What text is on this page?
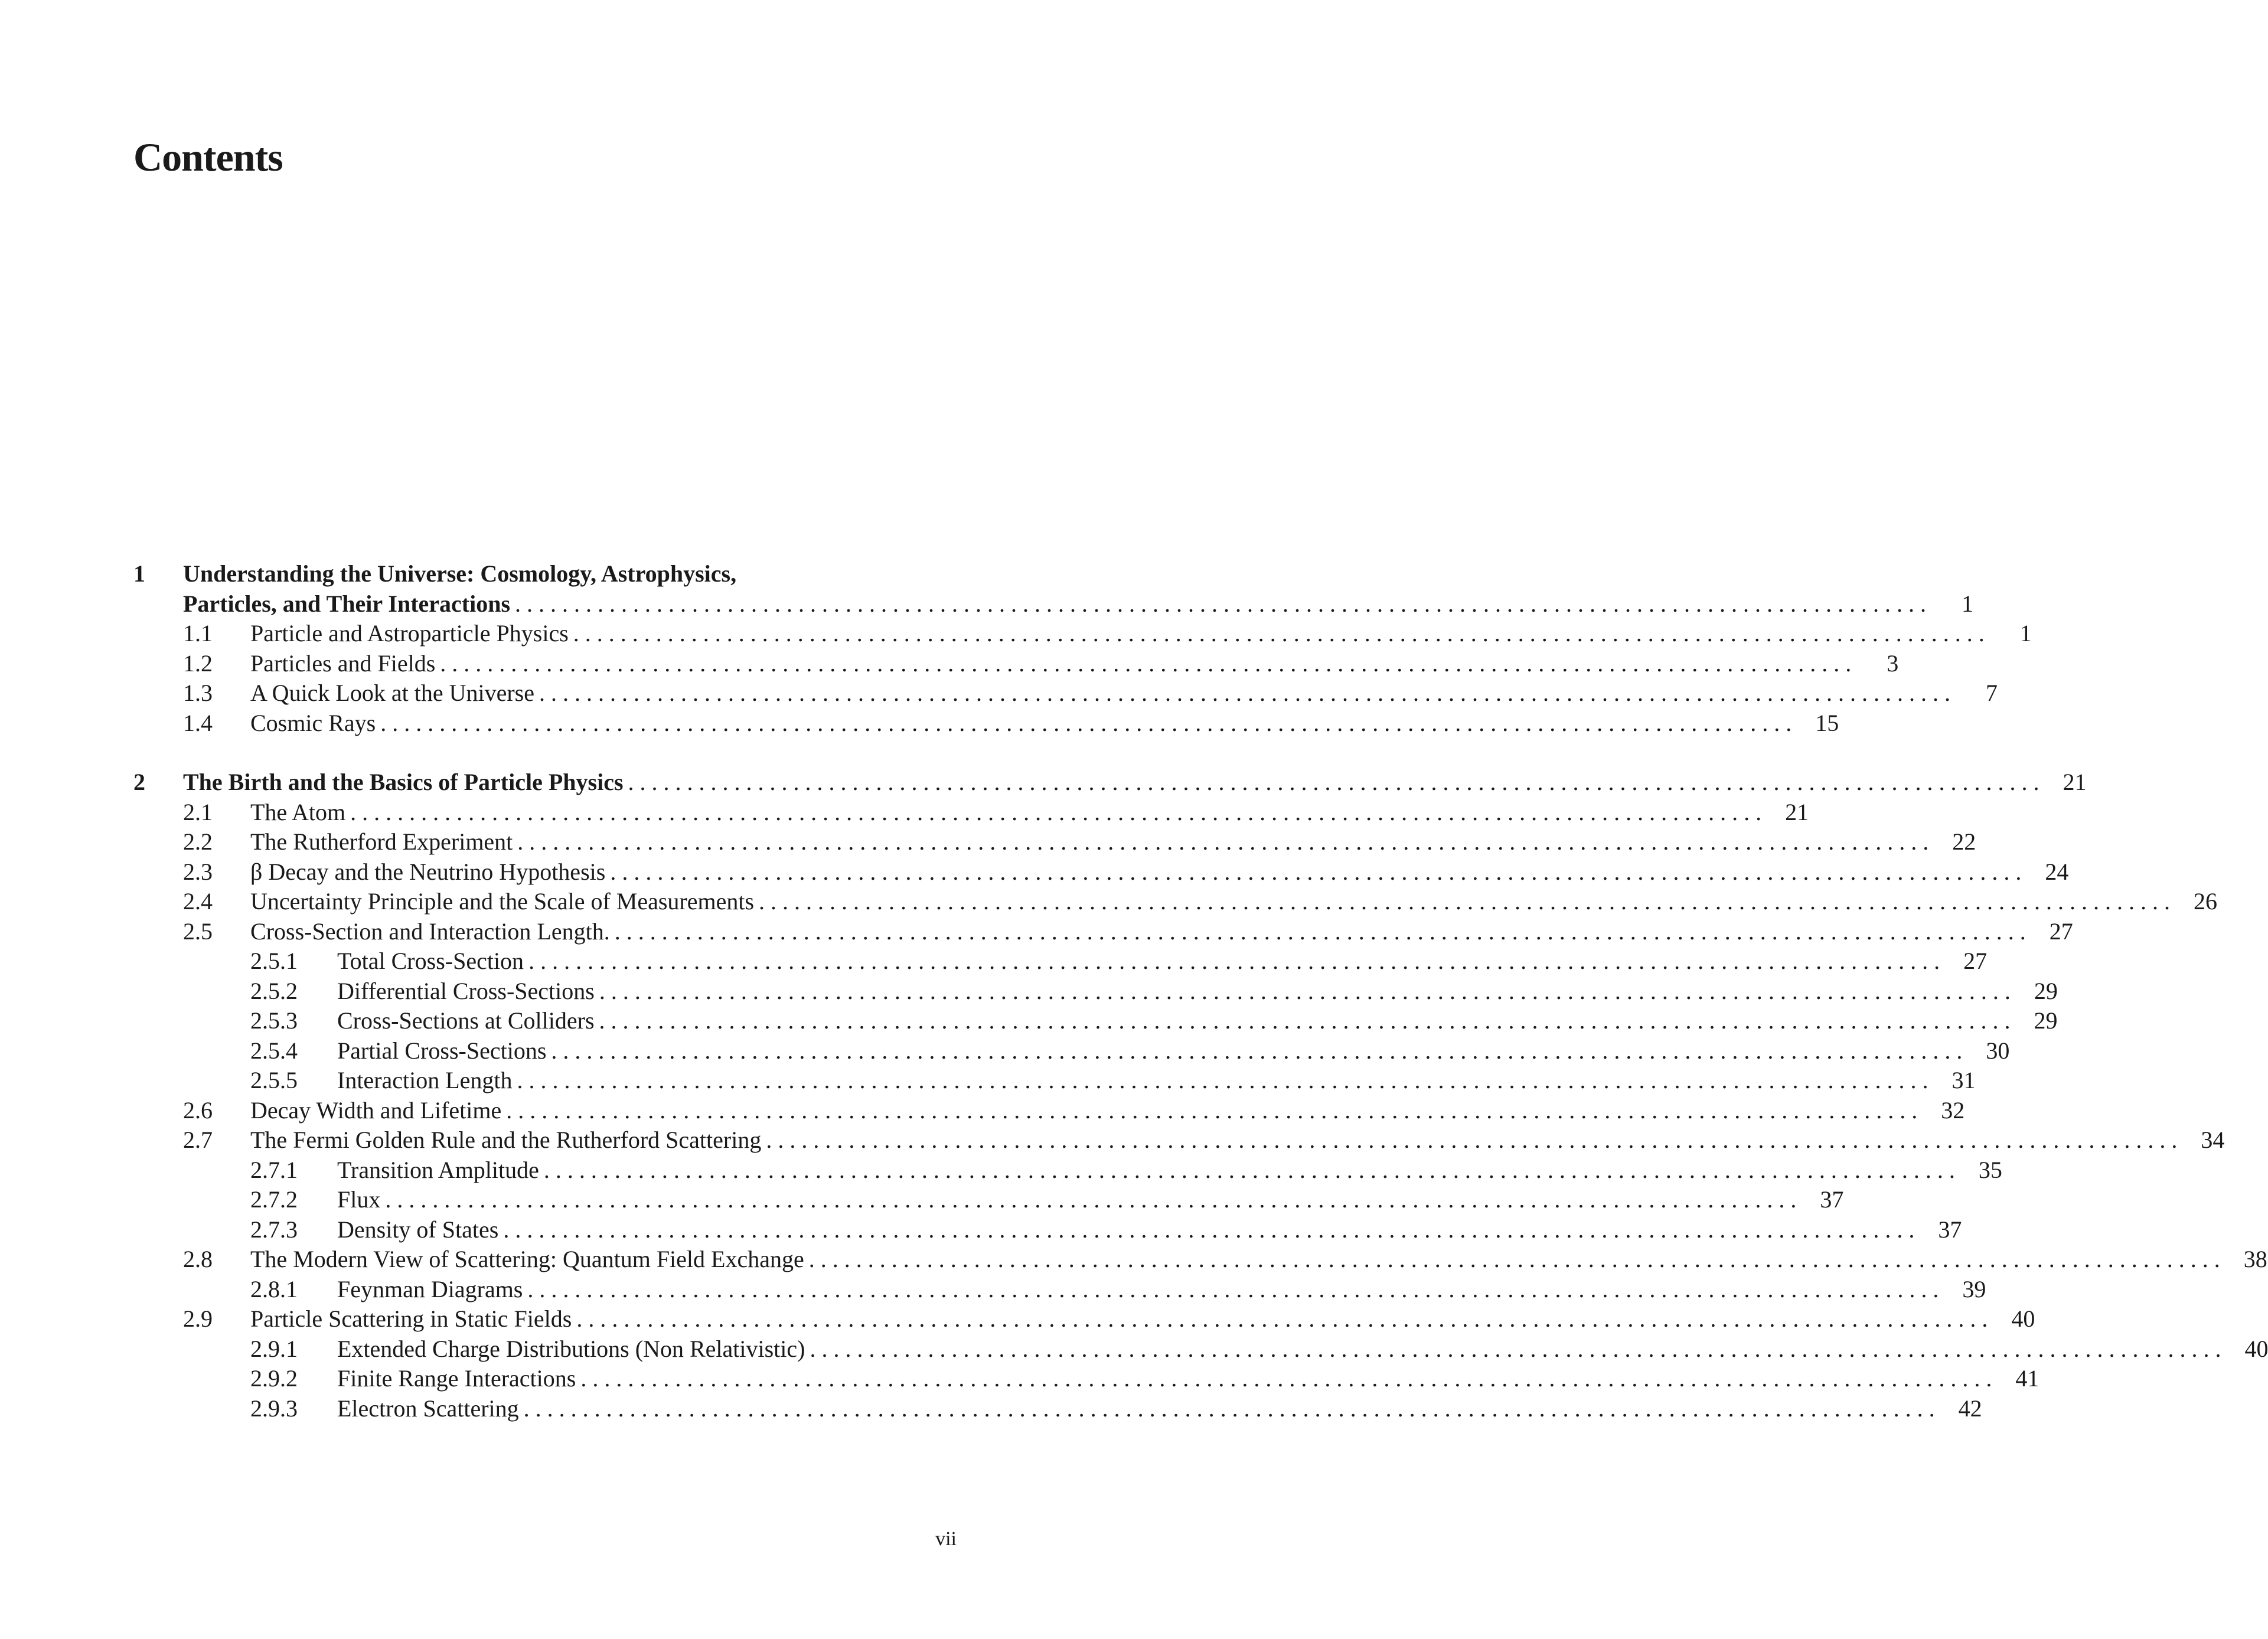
Contents
1 Understanding the Universe: Cosmology, Astrophysics,
Particles, and Their Interactions . . . . . . . . . . . . . . . . . . . . . . . . . . . . . . . . . . . . . . . . . . . . . . . . . . . . . . . . . . . . . . . . . . . . . . . . . . . . . . . . . . . . . . . . . . . . . . . . . . . . . . . . . . . . . . . . . . . . . . . .	1
1.1 Particle and Astroparticle Physics . . . . . . . . . . . . . . . . . . . . . . . . . . . . . . . . . . . . . . . . . . . . . . . . . . . . . . . . . . . . . . . . . . . . . . . . . . . . . . . . . . . . . . . . . . . . . . . . . . . . . . . . . . . . . . . . . . . . . . . .	1
1.2 Particles and Fields . . . . . . . . . . . . . . . . . . . . . . . . . . . . . . . . . . . . . . . . . . . . . . . . . . . . . . . . . . . . . . . . . . . . . . . . . . . . . . . . . . . . . . . . . . . . . . . . . . . . . . . . . . . . . . . . . . . . . . . .	3
1.3 A Quick Look at the Universe . . . . . . . . . . . . . . . . . . . . . . . . . . . . . . . . . . . . . . . . . . . . . . . . . . . . . . . . . . . . . . . . . . . . . . . . . . . . . . . . . . . . . . . . . . . . . . . . . . . . . . . . . . . . . . . . . . . . . . . .	7
1.4 Cosmic Rays . . . . . . . . . . . . . . . . . . . . . . . . . . . . . . . . . . . . . . . . . . . . . . . . . . . . . . . . . . . . . . . . . . . . . . . . . . . . . . . . . . . . . . . . . . . . . . . . . . . . . . . . . . . . . . . . . . . . . . . .	15
2 The Birth and the Basics of Particle Physics . . . . . . . . . . . . . . . . . . . . . . . . . . . . . . . . . . . . . . . . . . . . . . . . . . . . . . . . . . . . . . . . . . . . . . . . . . . . . . . . . . . . . . . . . . . . . . . . . . . . . . . . . . . . . . . . . . . . . . . .	21
2.1 The Atom . . . . . . . . . . . . . . . . . . . . . . . . . . . . . . . . . . . . . . . . . . . . . . . . . . . . . . . . . . . . . . . . . . . . . . . . . . . . . . . . . . . . . . . . . . . . . . . . . . . . . . . . . . . . . . . . . . . . . . . .	21
2.2 The Rutherford Experiment . . . . . . . . . . . . . . . . . . . . . . . . . . . . . . . . . . . . . . . . . . . . . . . . . . . . . . . . . . . . . . . . . . . . . . . . . . . . . . . . . . . . . . . . . . . . . . . . . . . . . . . . . . . . . . . . . . . . . . . .	22
2.3 β Decay and the Neutrino Hypothesis . . . . . . . . . . . . . . . . . . . . . . . . . . . . . . . . . . . . . . . . . . . . . . . . . . . . . . . . . . . . . . . . . . . . . . . . . . . . . . . . . . . . . . . . . . . . . . . . . . . . . . . . . . . . . . . . . . . . . . . .	24
2.4 Uncertainty Principle and the Scale of Measurements . . . . . . . . . . . . . . . . . . . . . . . . . . . . . . . . . . . . . . . . . . . . . . . . . . . . . . . . . . . . . . . . . . . . . . . . . . . . . . . . . . . . . . . . . . . . . . . . . . . . . . . . . . . . . . . . . . . . . . . .	26
2.5 Cross-Section and Interaction Length. . . . . . . . . . . . . . . . . . . . . . . . . . . . . . . . . . . . . . . . . . . . . . . . . . . . . . . . . . . . . . . . . . . . . . . . . . . . . . . . . . . . . . . . . . . . . . . . . . . . . . . . . . . . . . . . . . . . . . . . .	27
2.5.1 Total Cross-Section . . . . . . . . . . . . . . . . . . . . . . . . . . . . . . . . . . . . . . . . . . . . . . . . . . . . . . . . . . . . . . . . . . . . . . . . . . . . . . . . . . . . . . . . . . . . . . . . . . . . . . . . . . . . . . . . . . . . . . . .	27
2.5.2 Differential Cross-Sections . . . . . . . . . . . . . . . . . . . . . . . . . . . . . . . . . . . . . . . . . . . . . . . . . . . . . . . . . . . . . . . . . . . . . . . . . . . . . . . . . . . . . . . . . . . . . . . . . . . . . . . . . . . . . . . . . . . . . . . .	29
2.5.3 Cross-Sections at Colliders . . . . . . . . . . . . . . . . . . . . . . . . . . . . . . . . . . . . . . . . . . . . . . . . . . . . . . . . . . . . . . . . . . . . . . . . . . . . . . . . . . . . . . . . . . . . . . . . . . . . . . . . . . . . . . . . . . . . . . . .	29
2.5.4 Partial Cross-Sections . . . . . . . . . . . . . . . . . . . . . . . . . . . . . . . . . . . . . . . . . . . . . . . . . . . . . . . . . . . . . . . . . . . . . . . . . . . . . . . . . . . . . . . . . . . . . . . . . . . . . . . . . . . . . . . . . . . . . . . .	30
2.5.5 Interaction Length . . . . . . . . . . . . . . . . . . . . . . . . . . . . . . . . . . . . . . . . . . . . . . . . . . . . . . . . . . . . . . . . . . . . . . . . . . . . . . . . . . . . . . . . . . . . . . . . . . . . . . . . . . . . . . . . . . . . . . . .	31
2.6 Decay Width and Lifetime . . . . . . . . . . . . . . . . . . . . . . . . . . . . . . . . . . . . . . . . . . . . . . . . . . . . . . . . . . . . . . . . . . . . . . . . . . . . . . . . . . . . . . . . . . . . . . . . . . . . . . . . . . . . . . . . . . . . . . . .	32
2.7 The Fermi Golden Rule and the Rutherford Scattering . . . . . . . . . . . . . . . . . . . . . . . . . . . . . . . . . . . . . . . . . . . . . . . . . . . . . . . . . . . . . . . . . . . . . . . . . . . . . . . . . . . . . . . . . . . . . . . . . . . . . . . . . . . . . . . . . . . . . . . .	34
2.7.1 Transition Amplitude . . . . . . . . . . . . . . . . . . . . . . . . . . . . . . . . . . . . . . . . . . . . . . . . . . . . . . . . . . . . . . . . . . . . . . . . . . . . . . . . . . . . . . . . . . . . . . . . . . . . . . . . . . . . . . . . . . . . . . . .	35
2.7.2 Flux . . . . . . . . . . . . . . . . . . . . . . . . . . . . . . . . . . . . . . . . . . . . . . . . . . . . . . . . . . . . . . . . . . . . . . . . . . . . . . . . . . . . . . . . . . . . . . . . . . . . . . . . . . . . . . . . . . . . . . . .	37
2.7.3 Density of States . . . . . . . . . . . . . . . . . . . . . . . . . . . . . . . . . . . . . . . . . . . . . . . . . . . . . . . . . . . . . . . . . . . . . . . . . . . . . . . . . . . . . . . . . . . . . . . . . . . . . . . . . . . . . . . . . . . . . . . .	37
2.8 The Modern View of Scattering: Quantum Field Exchange . . . . . . . . . . . . . . . . . . . . . . . . . . . . . . . . . . . . . . . . . . . . . . . . . . . . . . . . . . . . . . . . . . . . . . . . . . . . . . . . . . . . . . . . . . . . . . . . . . . . . . . . . . . . . . . . . . . . . . . .	38
2.8.1 Feynman Diagrams . . . . . . . . . . . . . . . . . . . . . . . . . . . . . . . . . . . . . . . . . . . . . . . . . . . . . . . . . . . . . . . . . . . . . . . . . . . . . . . . . . . . . . . . . . . . . . . . . . . . . . . . . . . . . . . . . . . . . . . .	39
2.9 Particle Scattering in Static Fields . . . . . . . . . . . . . . . . . . . . . . . . . . . . . . . . . . . . . . . . . . . . . . . . . . . . . . . . . . . . . . . . . . . . . . . . . . . . . . . . . . . . . . . . . . . . . . . . . . . . . . . . . . . . . . . . . . . . . . . .	40
2.9.1 Extended Charge Distributions (Non Relativistic) . . . . . . . . . . . . . . . . . . . . . . . . . . . . . . . . . . . . . . . . . . . . . . . . . . . . . . . . . . . . . . . . . . . . . . . . . . . . . . . . . . . . . . . . . . . . . . . . . . . . . . . . . . . . . . . . . . . . . . . .	40
2.9.2 Finite Range Interactions . . . . . . . . . . . . . . . . . . . . . . . . . . . . . . . . . . . . . . . . . . . . . . . . . . . . . . . . . . . . . . . . . . . . . . . . . . . . . . . . . . . . . . . . . . . . . . . . . . . . . . . . . . . . . . . . . . . . . . . .	41
2.9.3 Electron Scattering . . . . . . . . . . . . . . . . . . . . . . . . . . . . . . . . . . . . . . . . . . . . . . . . . . . . . . . . . . . . . . . . . . . . . . . . . . . . . . . . . . . . . . . . . . . . . . . . . . . . . . . . . . . . . . . . . . . . . . . .	42
vii
